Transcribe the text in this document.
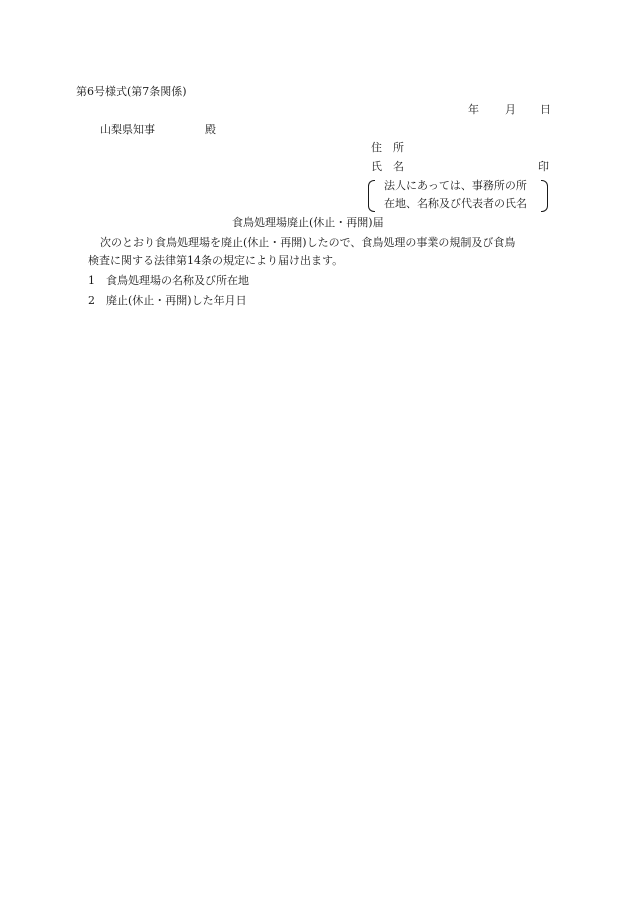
第6号様式(第7条関係)
年 月 日
山梨県知事	殿
住　所
氏　名	印
法人にあっては、事務所の所
在地、名称及び代表者の氏名
食鳥処理場廃止(休止・再開)届
次のとおり食鳥処理場を廃止(休止・再開)したので、食鳥処理の事業の規制及び食鳥
検査に関する法律第14条の規定により届け出ます。
1 食鳥処理場の名称及び所在地
2 廃止(休止・再開)した年月日
